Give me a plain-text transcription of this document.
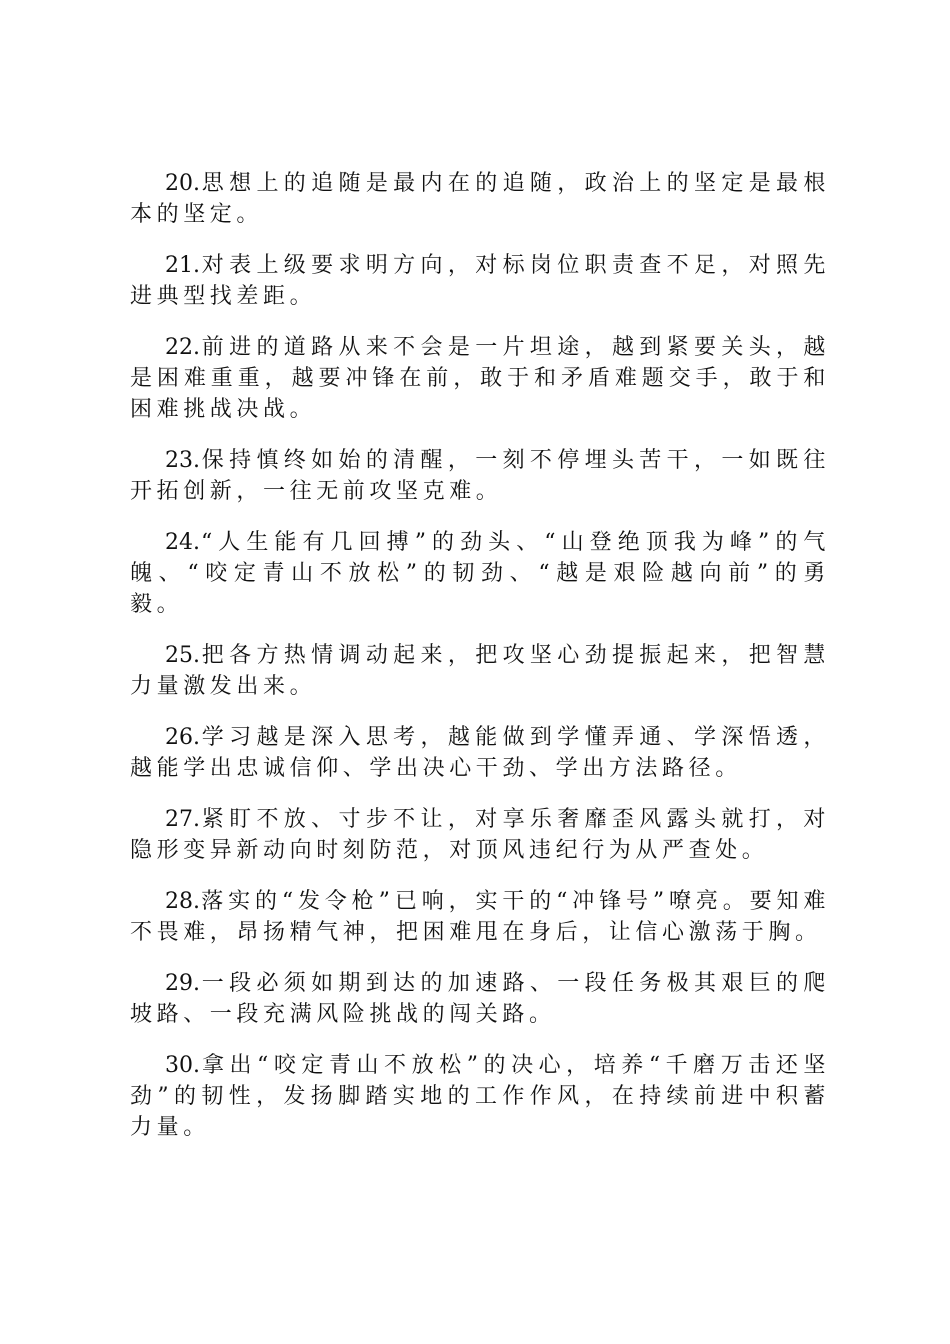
20.思想上的追随是最内在的追随，政治上的坚定是最根本的坚定。

21.对表上级要求明方向，对标岗位职责查不足，对照先进典型找差距。

22.前进的道路从来不会是一片坦途，越到紧要关头，越是困难重重，越要冲锋在前，敢于和矛盾难题交手，敢于和困难挑战决战。

23.保持慎终如始的清醒，一刻不停埋头苦干，一如既往开拓创新，一往无前攻坚克难。

24.“人生能有几回搏”的劲头、“山登绝顶我为峰”的气魄、“咬定青山不放松”的韧劲、“越是艰险越向前”的勇毅。

25.把各方热情调动起来，把攻坚心劲提振起来，把智慧力量激发出来。

26.学习越是深入思考，越能做到学懂弄通、学深悟透，越能学出忠诚信仰、学出决心干劲、学出方法路径。

27.紧盯不放、寸步不让，对享乐奢靡歪风露头就打，对隐形变异新动向时刻防范，对顶风违纪行为从严查处。

28.落实的“发令枪”已响，实干的“冲锋号”嘹亮。要知难不畏难，昂扬精气神，把困难甩在身后，让信心激荡于胸。

29.一段必须如期到达的加速路、一段任务极其艰巨的爬坡路、一段充满风险挑战的闯关路。

30.拿出“咬定青山不放松”的决心，培养“千磨万击还坚劲”的韧性，发扬脚踏实地的工作作风，在持续前进中积蓄力量。
